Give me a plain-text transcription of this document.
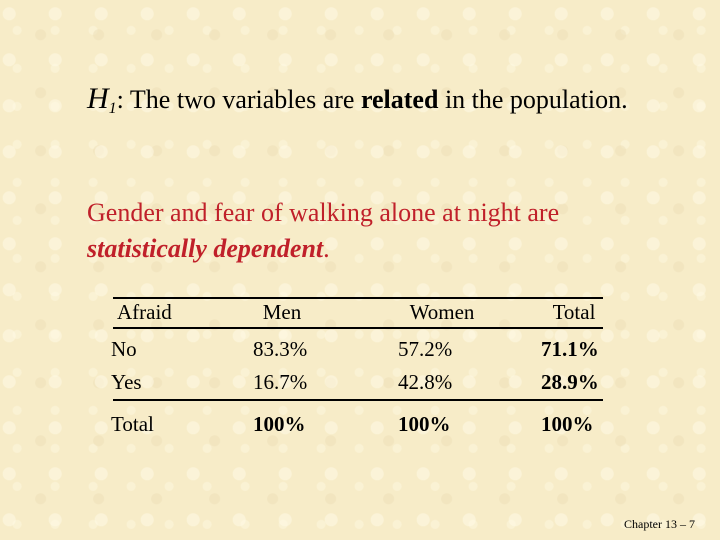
H1: The two variables are related in the population.
Gender and fear of walking alone at night are statistically dependent.
Afraid	Men	Women	Total
No	83.3%	57.2%	71.1%
Yes	16.7%	42.8%	28.9%
Total	100%	100%	100%
Chapter 13 – 7
